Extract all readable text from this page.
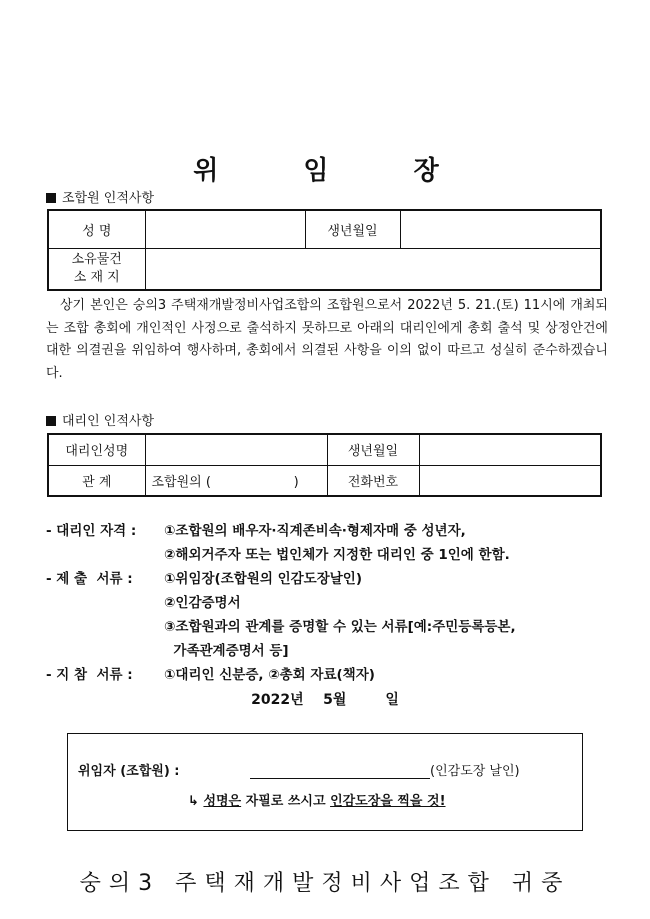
위 임 장
조합원 인적사항
성 명		생년월일	

소유물건
소 재 지			

상기 본인은 숭의3 주택재개발정비사업조합의 조합원으로서 2022년 5. 21.(토) 11시에 개최되는 조합 총회에 개인적인 사정으로 출석하지 못하므로 아래의 대리인에게 총회 출석 및 상정안건에 대한 의결권을 위임하여 행사하며, 총회에서 의결된 사항을 이의 없이 따르고 성실히 준수하겠습니다.
대리인 인적사항
대리인성명		생년월일	
관 계	조합원의 (                    )	전화번호	
- 대리인 자격 :	①조합원의 배우자·직계존비속·형제자매 중 성년자,
②해외거주자 또는 법인체가 지정한 대리인 중 1인에 한함.
- 제 출  서류 :	①위임장(조합원의 인감도장날인)
②인감증명서
③조합원과의 관계를 증명할 수 있는 서류[예:주민등록등본,
가족관계증명서 등]
- 지 참  서류 :	①대리인 신분증, ②총회 자료(책자)
2022년    5월        일
위임자 (조합원) :	(인감도장 날인)
↳ 성명은 자필로 쓰시고 인감도장을 찍을 것!
숭의3 주택재개발정비사업조합 귀중
